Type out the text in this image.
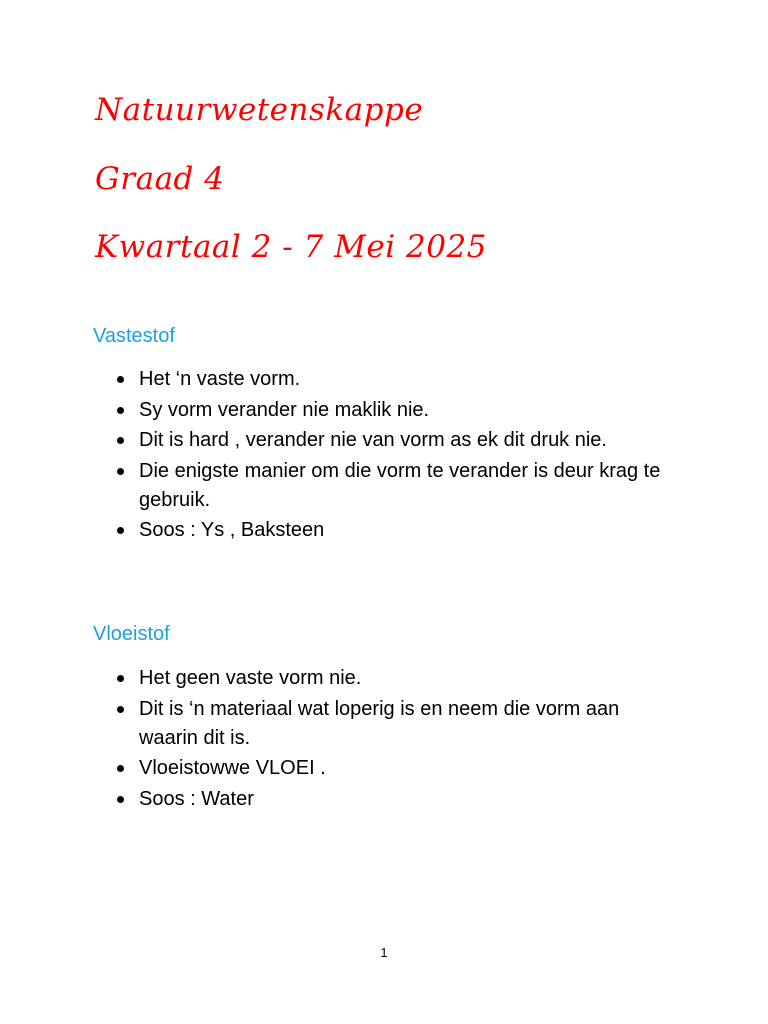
Natuurwetenskappe
Graad 4
Kwartaal 2 - 7 Mei 2025
Vastestof
Het ‘n vaste vorm.
Sy vorm verander nie maklik nie.
Dit is hard , verander nie van vorm as ek dit druk nie.
Die enigste manier om die vorm te verander is deur krag te gebruik.
Soos : Ys , Baksteen
Vloeistof
Het geen vaste vorm nie.
Dit is ‘n materiaal wat loperig is en neem die vorm aan waarin dit is.
Vloeistowwe VLOEI .
Soos : Water
1
